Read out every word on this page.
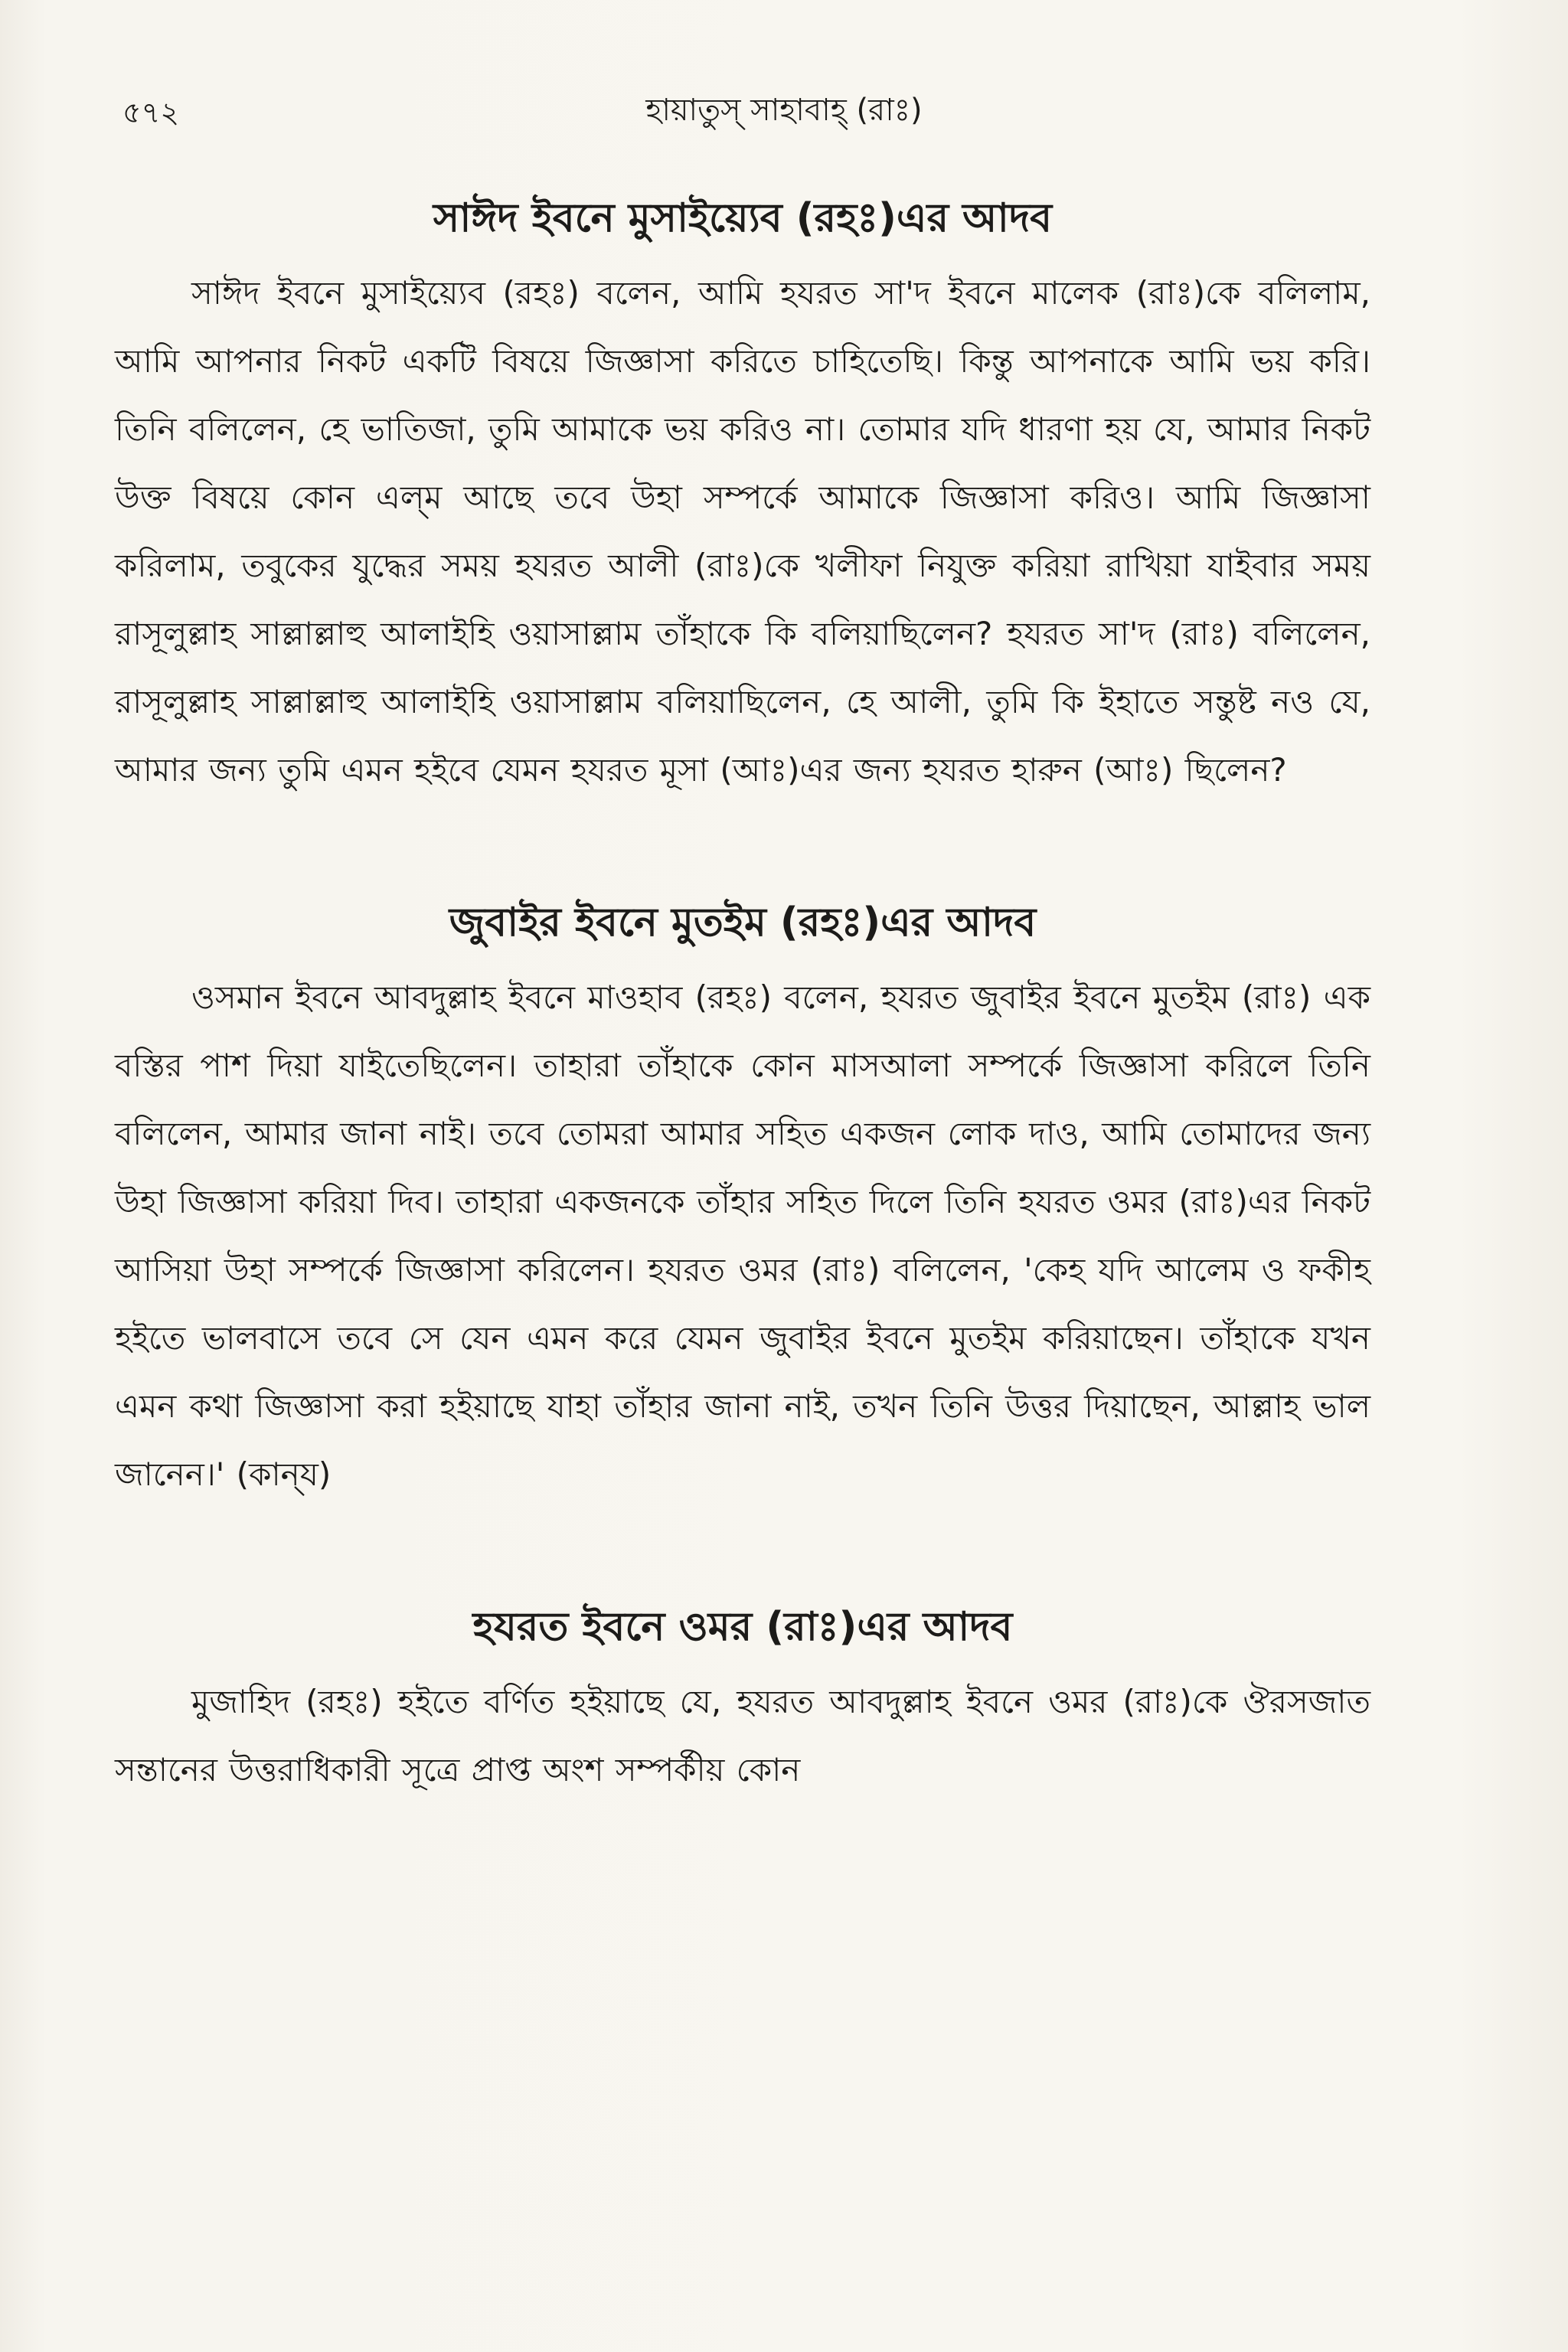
৫৭২	হায়াতুস্ সাহাবাহ্ (রাঃ)
সাঈদ ইবনে মুসাইয়্যেব (রহঃ)এর আদব

সাঈদ ইবনে মুসাইয়্যেব (রহঃ) বলেন, আমি হযরত সা'দ ইবনে মালেক (রাঃ)কে বলিলাম, আমি আপনার নিকট একটি বিষয়ে জিজ্ঞাসা করিতে চাহিতেছি। কিন্তু আপনাকে আমি ভয় করি। তিনি বলিলেন, হে ভাতিজা, তুমি আমাকে ভয় করিও না। তোমার যদি ধারণা হয় যে, আমার নিকট উক্ত বিষয়ে কোন এল্‌ম আছে তবে উহা সম্পর্কে আমাকে জিজ্ঞাসা করিও। আমি জিজ্ঞাসা করিলাম, তবুকের যুদ্ধের সময় হযরত আলী (রাঃ)কে খলীফা নিযুক্ত করিয়া রাখিয়া যাইবার সময় রাসূলুল্লাহ সাল্লাল্লাহু আলাইহি ওয়াসাল্লাম তাঁহাকে কি বলিয়াছিলেন? হযরত সা'দ (রাঃ) বলিলেন, রাসূলুল্লাহ সাল্লাল্লাহু আলাইহি ওয়াসাল্লাম বলিয়াছিলেন, হে আলী, তুমি কি ইহাতে সন্তুষ্ট নও যে, আমার জন্য তুমি এমন হইবে যেমন হযরত মূসা (আঃ)এর জন্য হযরত হারুন (আঃ) ছিলেন?

জুবাইর ইবনে মুতইম (রহঃ)এর আদব

ওসমান ইবনে আবদুল্লাহ ইবনে মাওহাব (রহঃ) বলেন, হযরত জুবাইর ইবনে মুতইম (রাঃ) এক বস্তির পাশ দিয়া যাইতেছিলেন। তাহারা তাঁহাকে কোন মাসআলা সম্পর্কে জিজ্ঞাসা করিলে তিনি বলিলেন, আমার জানা নাই। তবে তোমরা আমার সহিত একজন লোক দাও, আমি তোমাদের জন্য উহা জিজ্ঞাসা করিয়া দিব। তাহারা একজনকে তাঁহার সহিত দিলে তিনি হযরত ওমর (রাঃ)এর নিকট আসিয়া উহা সম্পর্কে জিজ্ঞাসা করিলেন। হযরত ওমর (রাঃ) বলিলেন, 'কেহ যদি আলেম ও ফকীহ হইতে ভালবাসে তবে সে যেন এমন করে যেমন জুবাইর ইবনে মুতইম করিয়াছেন। তাঁহাকে যখন এমন কথা জিজ্ঞাসা করা হইয়াছে যাহা তাঁহার জানা নাই, তখন তিনি উত্তর দিয়াছেন, আল্লাহ ভাল জানেন।' (কান্‌য)

হযরত ইবনে ওমর (রাঃ)এর আদব

মুজাহিদ (রহঃ) হইতে বর্ণিত হইয়াছে যে, হযরত আবদুল্লাহ ইবনে ওমর (রাঃ)কে ঔরসজাত সন্তানের উত্তরাধিকারী সূত্রে প্রাপ্ত অংশ সম্পর্কীয় কোন
